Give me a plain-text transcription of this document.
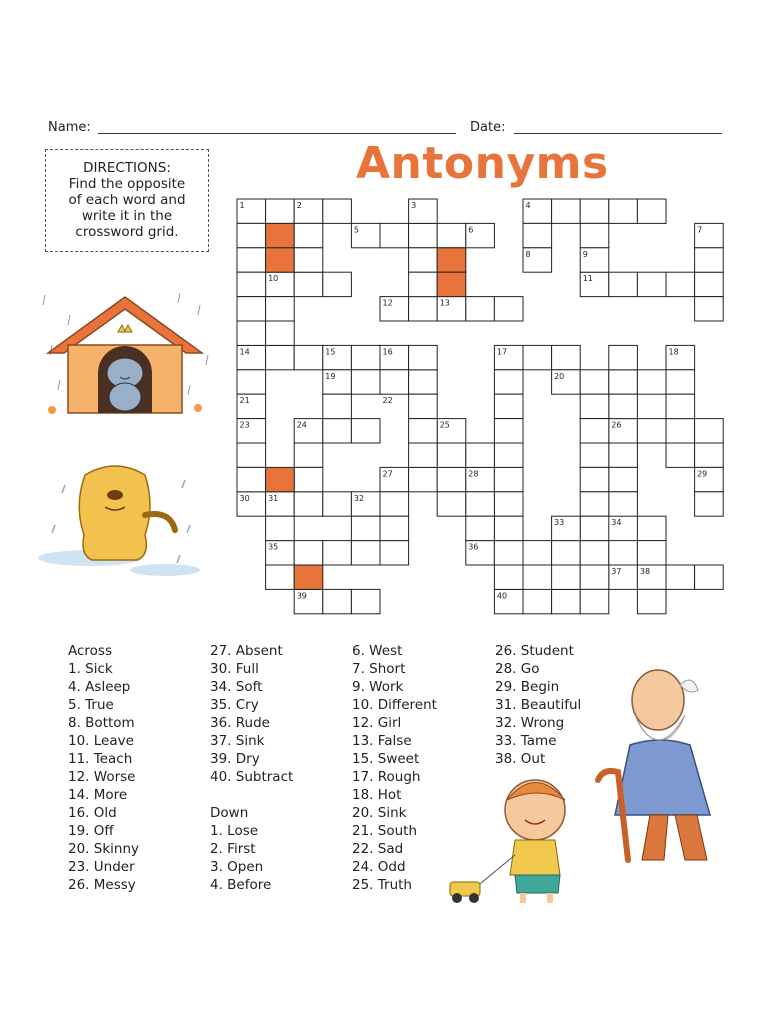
Name:	Date:
Antonyms
DIRECTIONS:
Find the opposite
of each word and
write it in the
crossword grid.
1	2	3	4
5	6	7
8	9
10	11
12	13
14	15	16	17	18
19	20
21	22
23	24	25	26
27	28	29
30 31	32
33	34
35	36
37 38
39	40
Across
1. Sick
4. Asleep
5. True
8. Bottom
10. Leave
11. Teach
12. Worse
14. More
16. Old
19. Off
20. Skinny
23. Under
26. Messy
27. Absent
30. Full
34. Soft
35. Cry
36. Rude
37. Sink
39. Dry
40. Subtract
Down
1. Lose
2. First
3. Open
4. Before
6. West
7. Short
9. Work
10. Different
12. Girl
13. False
15. Sweet
17. Rough
18. Hot
20. Sink
21. South
22. Sad
24. Odd
25. Truth
26. Student
28. Go
29. Begin
31. Beautiful
32. Wrong
33. Tame
38. Out
